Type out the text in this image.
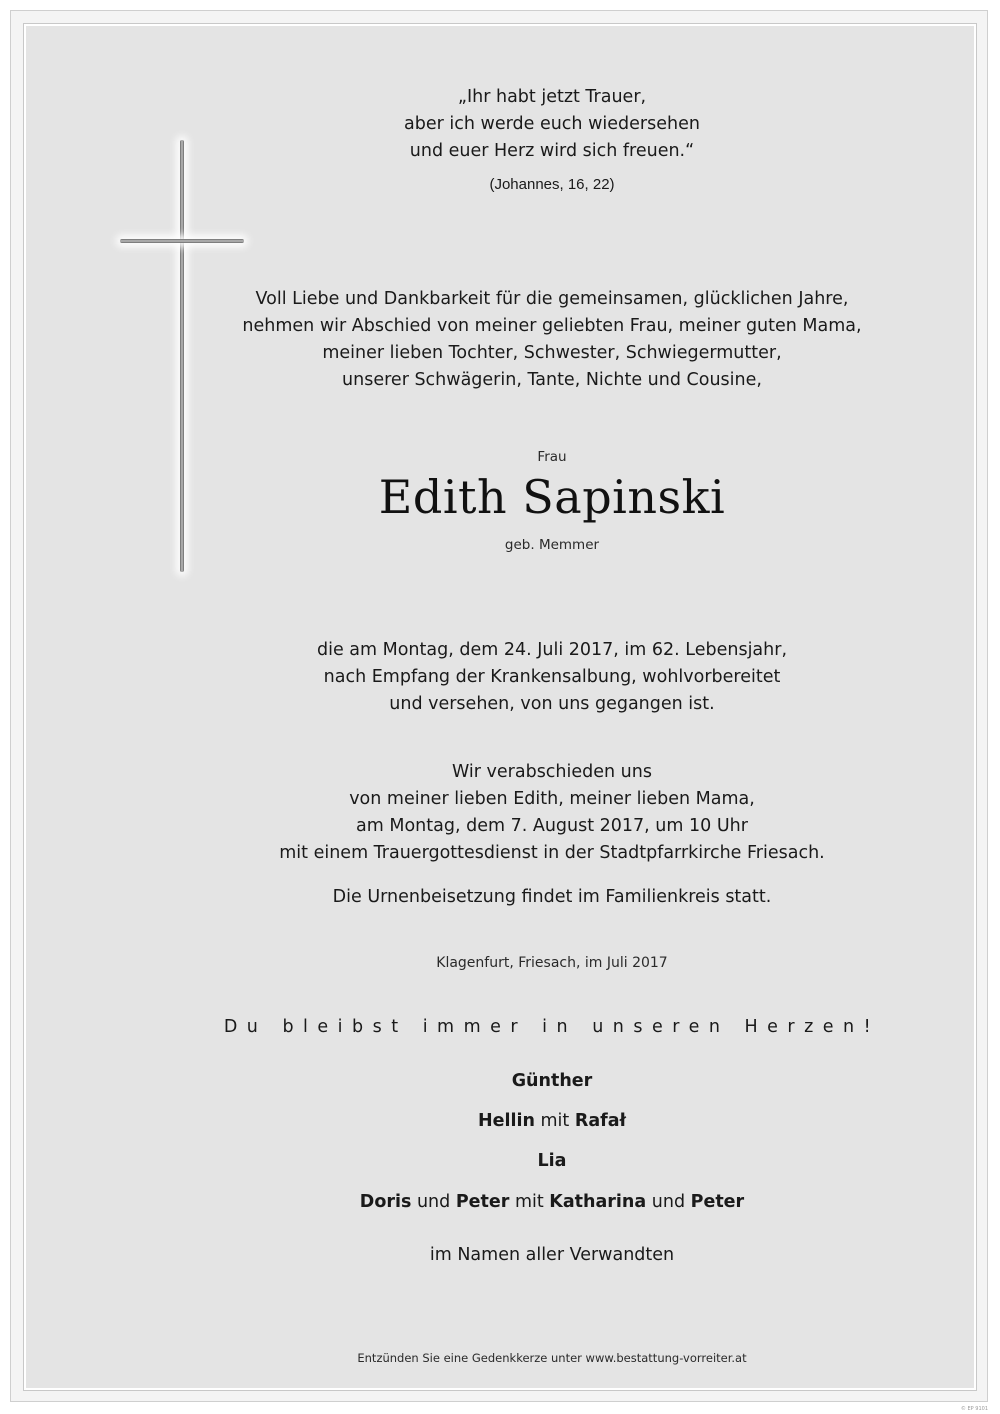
„Ihr habt jetzt Trauer,
aber ich werde euch wiedersehen
und euer Herz wird sich freuen.“
(Johannes, 16, 22)
Voll Liebe und Dankbarkeit für die gemeinsamen, glücklichen Jahre,
nehmen wir Abschied von meiner geliebten Frau, meiner guten Mama,
meiner lieben Tochter, Schwester, Schwiegermutter,
unserer Schwägerin, Tante, Nichte und Cousine,
Frau
Edith Sapinski
geb. Memmer
die am Montag, dem 24. Juli 2017, im 62. Lebensjahr,
nach Empfang der Krankensalbung, wohlvorbereitet
und versehen, von uns gegangen ist.
Wir verabschieden uns
von meiner lieben Edith, meiner lieben Mama,
am Montag, dem 7. August 2017, um 10 Uhr
mit einem Trauergottesdienst in der Stadtpfarrkirche Friesach.
Die Urnenbeisetzung findet im Familienkreis statt.
Klagenfurt, Friesach, im Juli 2017
Du bleibst immer in unseren Herzen!
Günther
Hellin mit Rafał
Lia
Doris und Peter mit Katharina und Peter
im Namen aller Verwandten
Entzünden Sie eine Gedenkkerze unter www.bestattung-vorreiter.at
© EP 9101
